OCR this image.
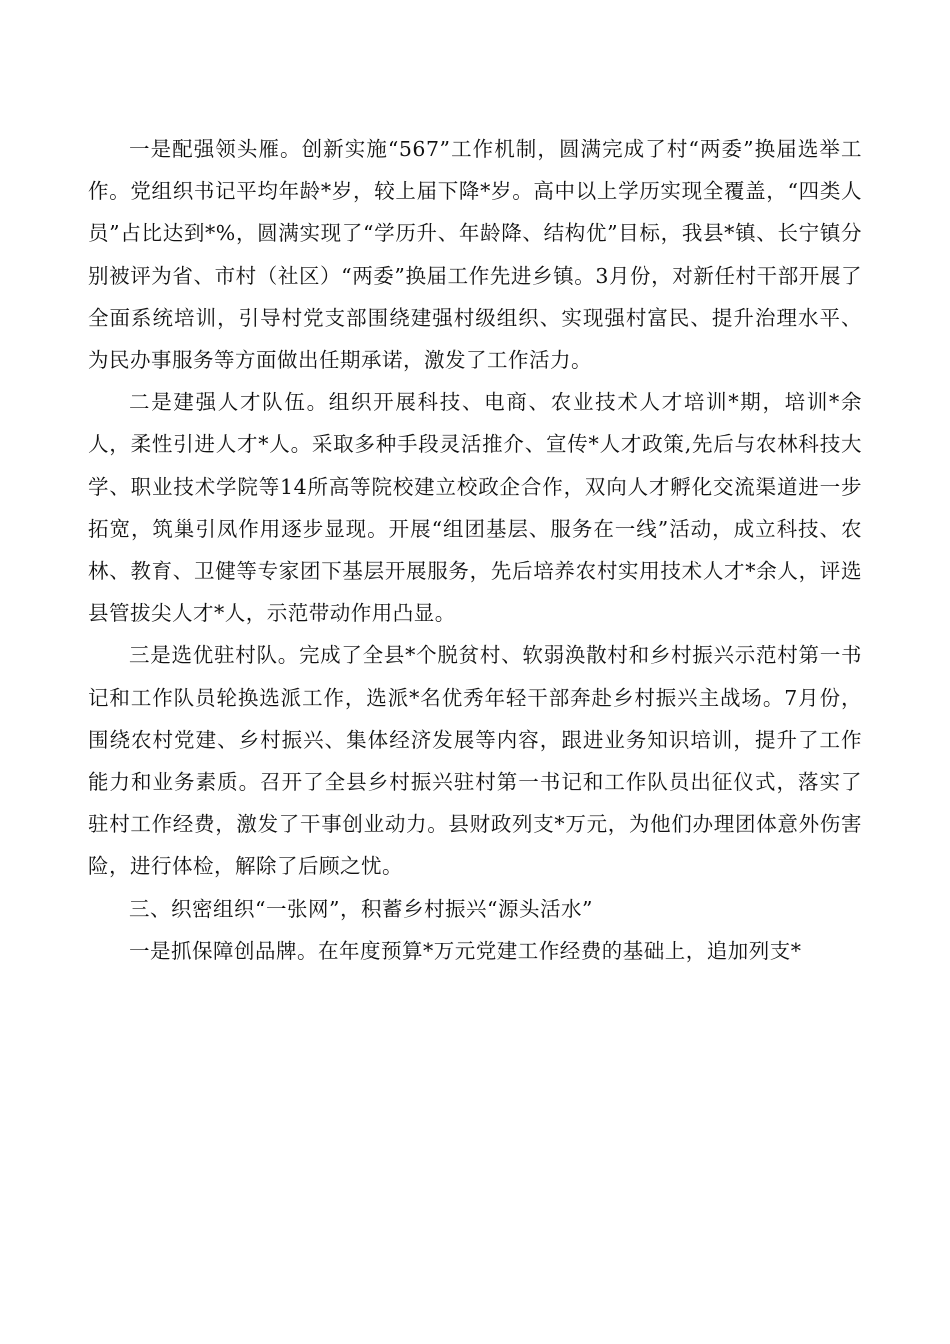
一是配强领头雁。创新实施“567”工作机制，圆满完成了村“两委”换届选举工作。党组织书记平均年龄*岁，较上届下降*岁。高中以上学历实现全覆盖，“四类人员”占比达到*%，圆满实现了“学历升、年龄降、结构优”目标，我县*镇、长宁镇分别被评为省、市村（社区）“两委”换届工作先进乡镇。3月份，对新任村干部开展了全面系统培训，引导村党支部围绕建强村级组织、实现强村富民、提升治理水平、为民办事服务等方面做出任期承诺，激发了工作活力。

二是建强人才队伍。组织开展科技、电商、农业技术人才培训*期，培训*余人，柔性引进人才*人。采取多种手段灵活推介、宣传*人才政策,先后与农林科技大学、职业技术学院等14所高等院校建立校政企合作，双向人才孵化交流渠道进一步拓宽，筑巢引凤作用逐步显现。开展“组团基层、服务在一线”活动，成立科技、农林、教育、卫健等专家团下基层开展服务，先后培养农村实用技术人才*余人，评选县管拔尖人才*人，示范带动作用凸显。

三是选优驻村队。完成了全县*个脱贫村、软弱涣散村和乡村振兴示范村第一书记和工作队员轮换选派工作，选派*名优秀年轻干部奔赴乡村振兴主战场。7月份，围绕农村党建、乡村振兴、集体经济发展等内容，跟进业务知识培训，提升了工作能力和业务素质。召开了全县乡村振兴驻村第一书记和工作队员出征仪式，落实了驻村工作经费，激发了干事创业动力。县财政列支*万元，为他们办理团体意外伤害险，进行体检，解除了后顾之忧。

三、织密组织“一张网”，积蓄乡村振兴“源头活水”

一是抓保障创品牌。在年度预算*万元党建工作经费的基础上，追加列支*
